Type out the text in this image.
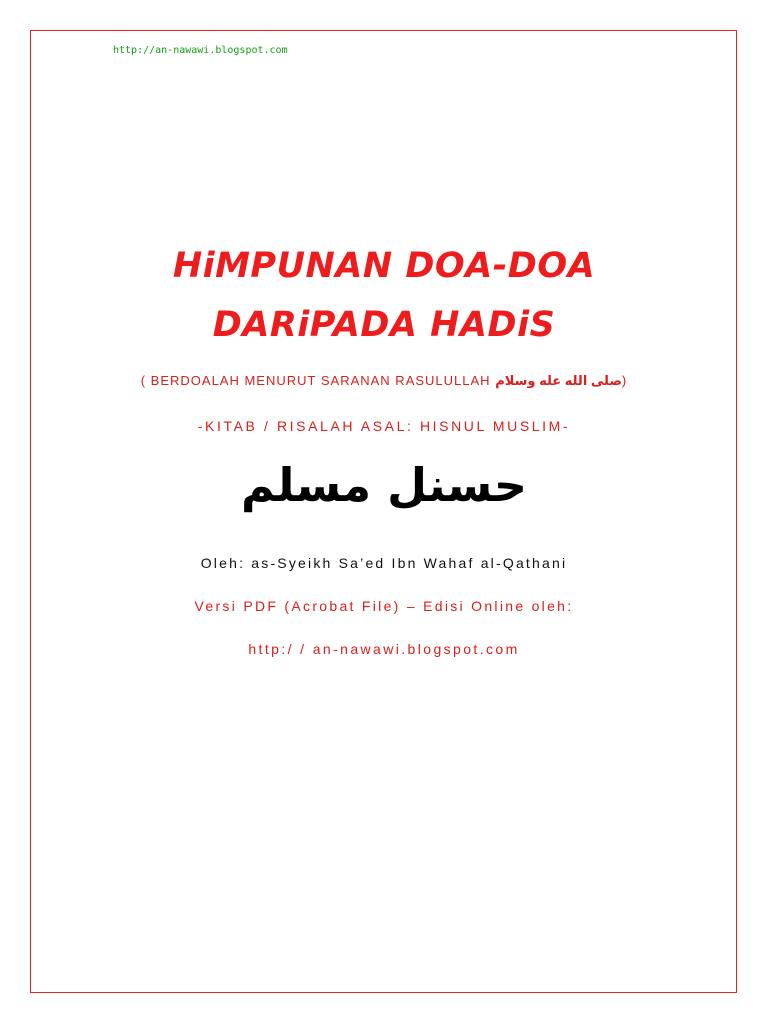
http://an-nawawi.blogspot.com
HiMPUNAN DOA-DOA
DARiPADA HADiS
( BERDOALAH MENURUT SARANAN RASULULLAH صلى الله عله وسلام)
-KITAB / RISALAH ASAL: HISNUL MUSLIM-
حسنل مسلم
Oleh: as-Syeikh Sa’ed Ibn Wahaf al-Qathani
Versi PDF (Acrobat File) – Edisi Online oleh:
http:/ / an-nawawi.blogspot.com
